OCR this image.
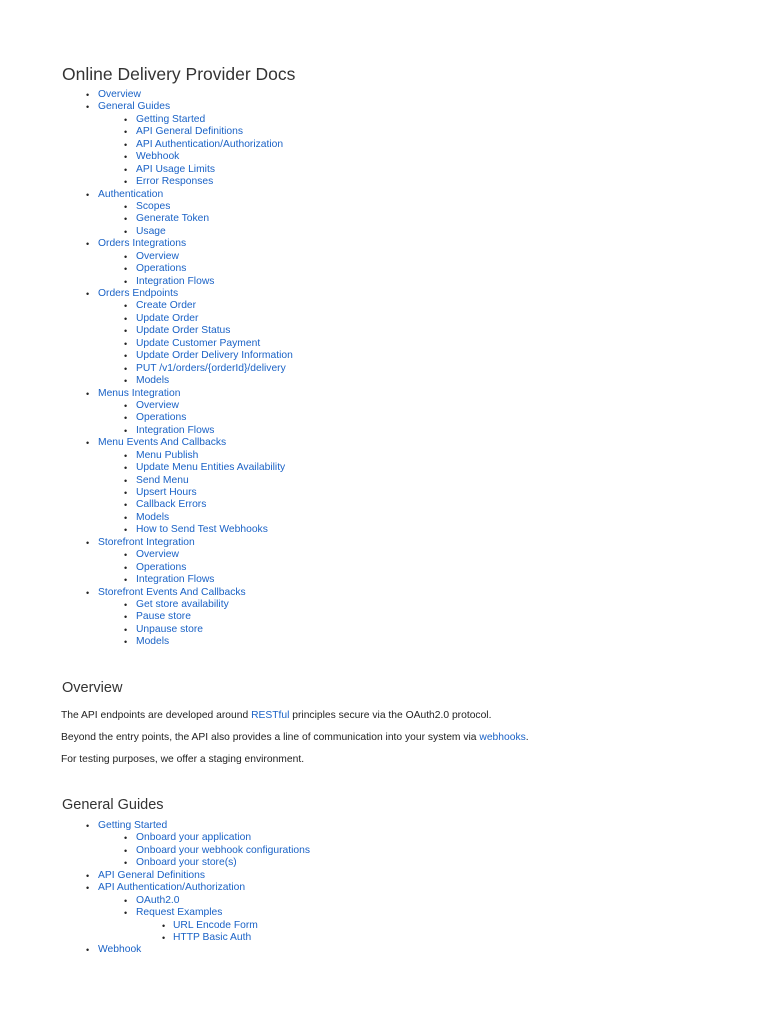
Online Delivery Provider Docs
• Overview
• General Guides
• Getting Started
• API General Definitions
• API Authentication/Authorization
• Webhook
• API Usage Limits
• Error Responses
• Authentication
• Scopes
• Generate Token
• Usage
• Orders Integrations
• Overview
• Operations
• Integration Flows
• Orders Endpoints
• Create Order
• Update Order
• Update Order Status
• Update Customer Payment
• Update Order Delivery Information
• PUT /v1/orders/{orderId}/delivery
• Models
• Menus Integration
• Overview
• Operations
• Integration Flows
• Menu Events And Callbacks
• Menu Publish
• Update Menu Entities Availability
• Send Menu
• Upsert Hours
• Callback Errors
• Models
• How to Send Test Webhooks
• Storefront Integration
• Overview
• Operations
• Integration Flows
• Storefront Events And Callbacks
• Get store availability
• Pause store
• Unpause store
• Models
Overview

The API endpoints are developed around RESTful principles secure via the OAuth2.0 protocol.

Beyond the entry points, the API also provides a line of communication into your system via webhooks.

For testing purposes, we offer a staging environment.

General Guides
• Getting Started
• Onboard your application
• Onboard your webhook configurations
• Onboard your store(s)
• API General Definitions
• API Authentication/Authorization
• OAuth2.0
• Request Examples
• URL Encode Form
• HTTP Basic Auth
• Webhook
